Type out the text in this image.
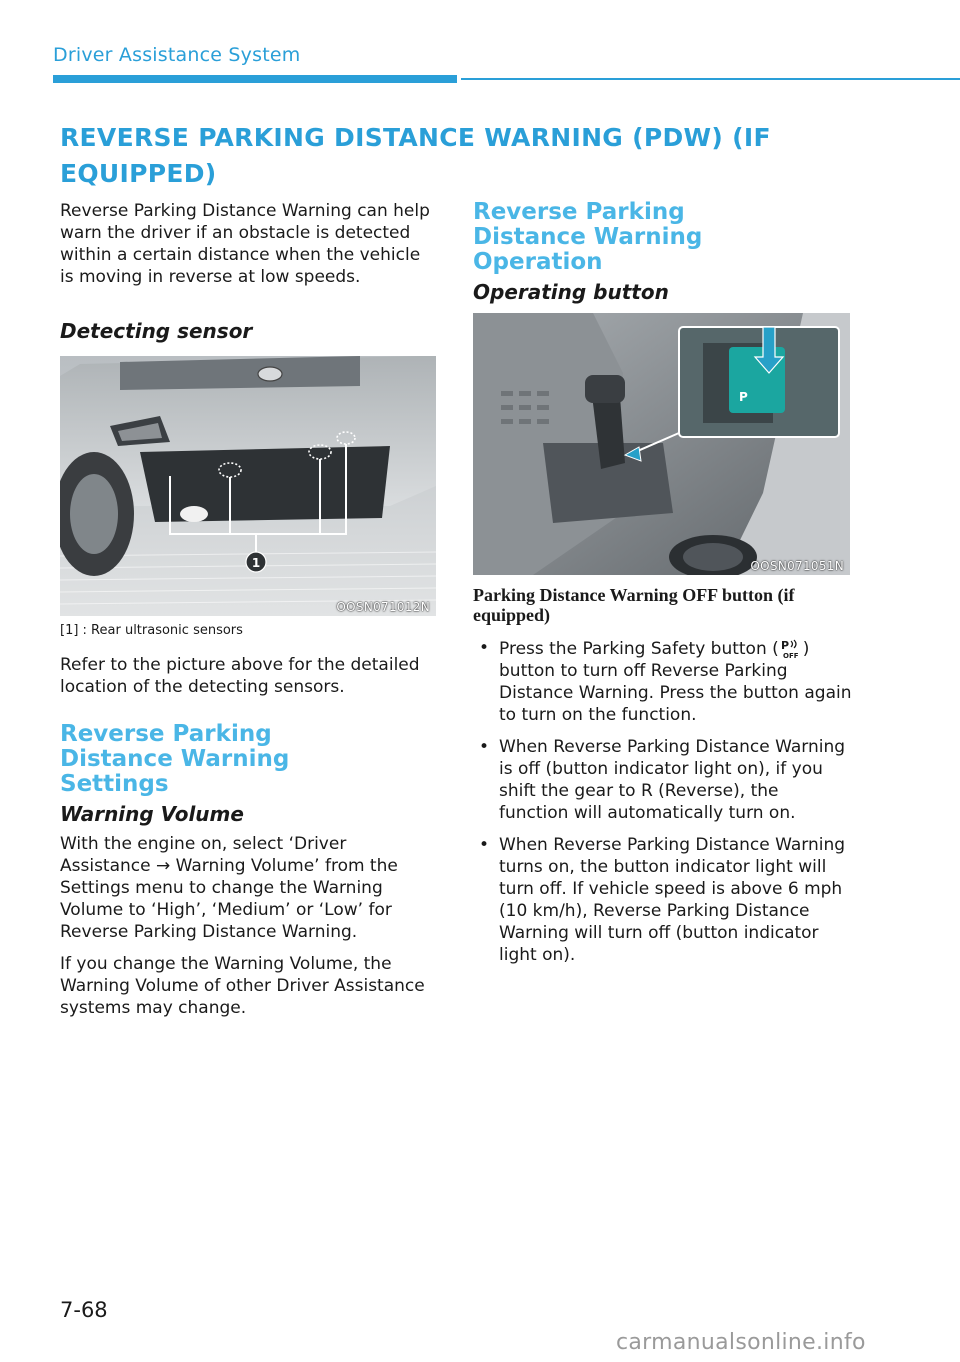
Driver Assistance System
REVERSE PARKING DISTANCE WARNING (PDW) (IF EQUIPPED)

Reverse Parking Distance Warning can help warn the driver if an obstacle is detected within a certain distance when the vehicle is moving in reverse at low speeds.

Detecting sensor
1
OOSN071012N
[1] : Rear ultrasonic sensors

Refer to the picture above for the detailed location of the detecting sensors.

Reverse Parking Distance Warning Settings
Warning Volume

With the engine on, select ‘Driver Assistance → Warning Volume’ from the Settings menu to change the Warning Volume to ‘High’, ‘Medium’ or ‘Low’ for Reverse Parking Distance Warning.

If you change the Warning Volume, the Warning Volume of other Driver Assistance systems may change.

Reverse Parking Distance Warning Operation
Operating button
P
OOSN071051N
Parking Distance Warning OFF button (if equipped)
• Press the Parking Safety button ( P
OFF ) button to turn off Reverse Parking Distance Warning. Press the button again to turn on the function.
• When Reverse Parking Distance Warning is off (button indicator light on), if you shift the gear to R (Reverse), the function will automatically turn on.
• When Reverse Parking Distance Warning turns on, the button indicator light will turn off. If vehicle speed is above 6 mph (10 km/h), Reverse Parking Distance Warning will turn off (button indicator light on).
7-68
carmanualsonline.info
